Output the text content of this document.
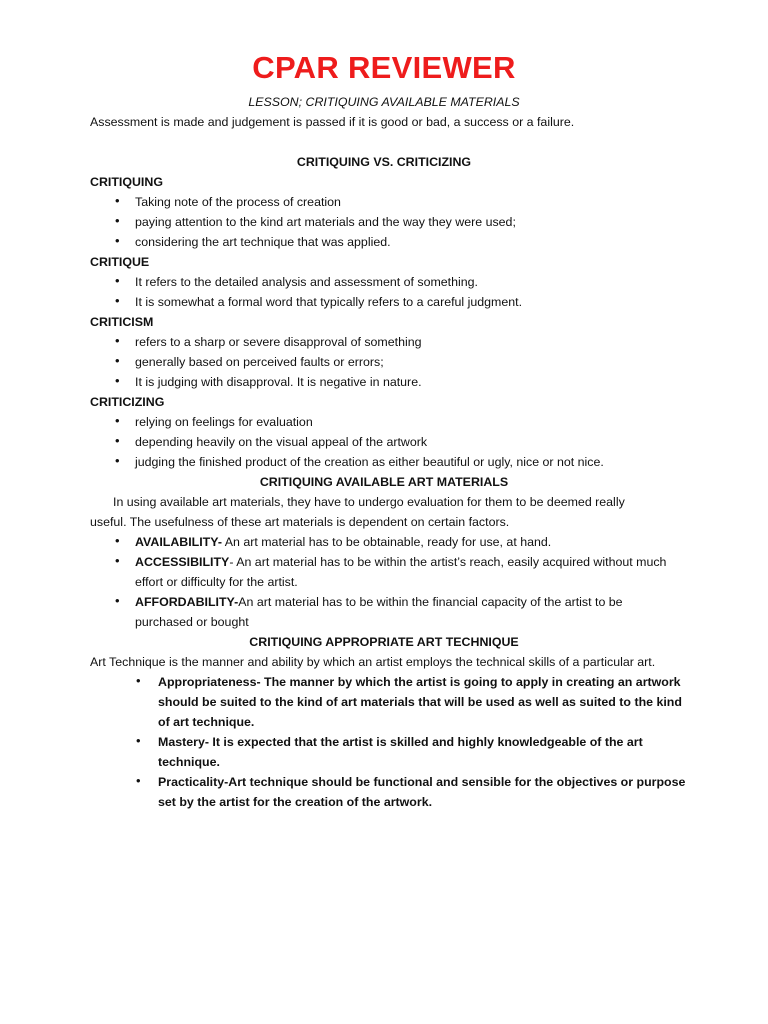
CPAR REVIEWER
LESSON; CRITIQUING AVAILABLE MATERIALS
Assessment is made and judgement is passed if it is good or bad, a success or a failure.
CRITIQUING VS. CRITICIZING
CRITIQUING
• Taking note of the process of creation
• paying attention to the kind art materials and the way they were used;
• considering the art technique that was applied.
CRITIQUE
• It refers to the detailed analysis and assessment of something.
• It is somewhat a formal word that typically refers to a careful judgment.
CRITICISM
• refers to a sharp or severe disapproval of something
• generally based on perceived faults or errors;
• It is judging with disapproval. It is negative in nature.
CRITICIZING
• relying on feelings for evaluation
• depending heavily on the visual appeal of the artwork
• judging the finished product of the creation as either beautiful or ugly, nice or not nice.
CRITIQUING AVAILABLE ART MATERIALS
In using available art materials, they have to undergo evaluation for them to be deemed really
useful. The usefulness of these art materials is dependent on certain factors.
• AVAILABILITY- An art material has to be obtainable, ready for use, at hand.
• ACCESSIBILITY- An art material has to be within the artist’s reach, easily acquired without much
effort or difficulty for the artist.
• AFFORDABILITY-An art material has to be within the financial capacity of the artist to be
purchased or bought
CRITIQUING APPROPRIATE ART TECHNIQUE
Art Technique is the manner and ability by which an artist employs the technical skills of a particular art.
• Appropriateness- The manner by which the artist is going to apply in creating an artwork
should be suited to the kind of art materials that will be used as well as suited to the kind
of art technique.
• Mastery- It is expected that the artist is skilled and highly knowledgeable of the art
technique.
• Practicality-Art technique should be functional and sensible for the objectives or purpose
set by the artist for the creation of the artwork.
